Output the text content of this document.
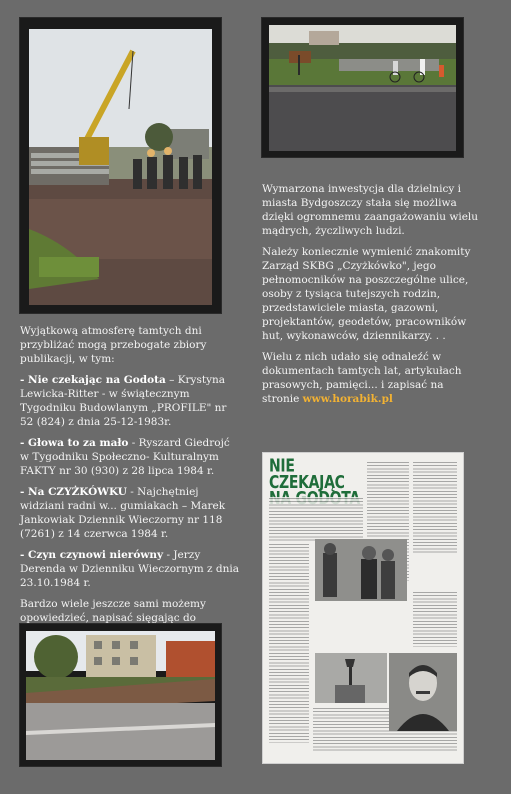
Wymarzona inwestycja dla dzielnicy i miasta Bydgoszczy stała się możliwa dzięki ogromnemu zaangażowaniu wielu mądrych, życzliwych ludzi.

Należy koniecznie wymienić znakomity Zarząd SKBG „Czyżkówko", jego pełnomocników na poszczególne ulice, osoby z tysiąca tutejszych rodzin, przedstawiciele miasta, gazowni, projektantów, geodetów, pracowników hut, wykonawców, dziennikarzy. . .

Wielu z nich udało się odnaleźć w dokumentach tamtych lat, artykułach prasowych, pamięci... i zapisać na stronie www.horabik.pl

Wyjątkową atmosferę tamtych dni przybliżać mogą przebogate zbiory publikacji, w tym:

- Nie czekając na Godota – Krystyna Lewicka-Ritter - w świątecznym Tygodniku Budowlanym „PROFILE" nr 52 (824) z dnia 25-12-1983r.

- Głowa to za mało - Ryszard Giedrojć w Tygodniku Społeczno- Kulturalnym FAKTY nr 30 (930) z 28 lipca 1984 r.

- Na CZYŻKÓWKU - Najchętniej widziani radni w... gumiakach – Marek Jankowiak Dziennik Wieczorny nr 118 (7261) z 14 czerwca 1984 r.

- Czyn czynowi nierówny - Jerzy Derenda w Dzienniku Wieczornym z dnia 23.10.1984 r.

Bardzo wiele jeszcze sami możemy opowiedzieć, napisać sięgając do

NIE CZEKAJĄC
